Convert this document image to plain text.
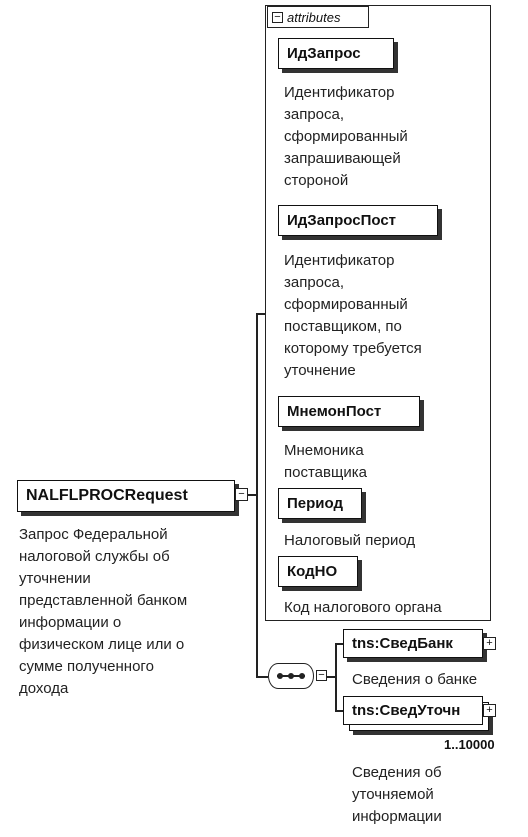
− attributes
ИдЗапрос
Идентификатор
запроса,
сформированный
запрашивающей
стороной
ИдЗапросПост
Идентификатор
запроса,
сформированный
поставщиком, по
которому требуется
уточнение
МнемонПост
Мнемоника
поставщика
Период
Налоговый период
КодНО
Код налогового органа
NALFLPROCRequest	−
Запрос Федеральной
налоговой службы об
уточнении
представленной банком
информации о
физическом лице или о
сумме полученного
дохода
−
tns:СведБанк	+
Сведения о банке
tns:СведУточн +
1..10000
Сведения об
уточняемой
информации
